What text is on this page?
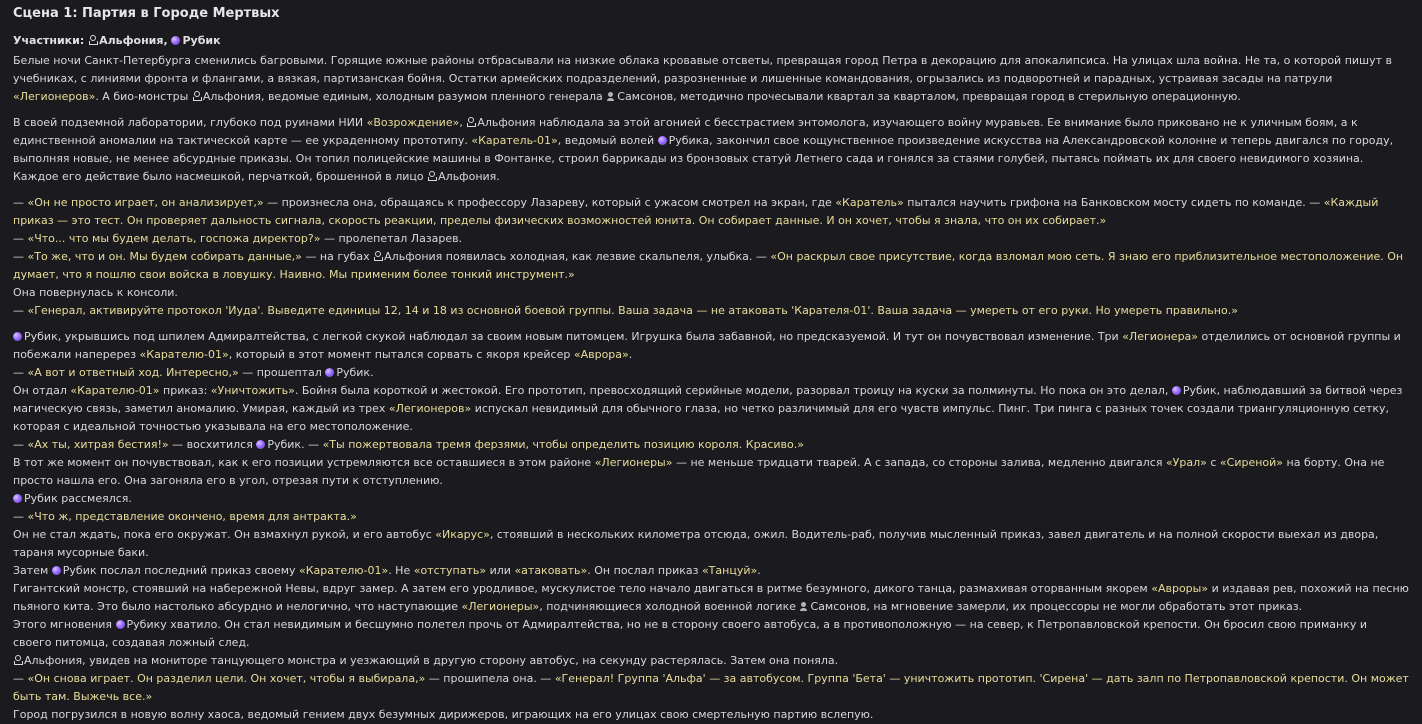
Сцена 1: Партия в Городе Мертвых
Участники: Альфония, Рубик

Белые ночи Санкт-Петербурга сменились багровыми. Горящие южные районы отбрасывали на низкие облака кровавые отсветы, превращая город Петра в декорацию для апокалипсиса. На улицах шла война. Не та, о которой пишут в учебниках, с линиями фронта и флангами, а вязкая, партизанская бойня. Остатки армейских подразделений, разрозненные и лишенные командования, огрызались из подворотней и парадных, устраивая засады на патрули «Легионеров». А био-монстры Альфония, ведомые единым, холодным разумом пленного генерала Самсонов, методично прочесывали квартал за кварталом, превращая город в стерильную операционную.

В своей подземной лаборатории, глубоко под руинами НИИ «Возрождение», Альфония наблюдала за этой агонией с бесстрастием энтомолога, изучающего войну муравьев. Ее внимание было приковано не к уличным боям, а к единственной аномалии на тактической карте — ее украденному прототипу. «Каратель-01», ведомый волей Рубика, закончил свое кощунственное произведение искусства на Александровской колонне и теперь двигался по городу, выполняя новые, не менее абсурдные приказы. Он топил полицейские машины в Фонтанке, строил баррикады из бронзовых статуй Летнего сада и гонялся за стаями голубей, пытаясь поймать их для своего невидимого хозяина. Каждое его действие было насмешкой, перчаткой, брошенной в лицо Альфония.

— «Он не просто играет, он анализирует,» — произнесла она, обращаясь к профессору Лазареву, который с ужасом смотрел на экран, где «Каратель» пытался научить грифона на Банковском мосту сидеть по команде. — «Каждый приказ — это тест. Он проверяет дальность сигнала, скорость реакции, пределы физических возможностей юнита. Он собирает данные. И он хочет, чтобы я знала, что он их собирает.»

— «Что... что мы будем делать, госпожа директор?» — пролепетал Лазарев.

— «То же, что и он. Мы будем собирать данные,» — на губах Альфония появилась холодная, как лезвие скальпеля, улыбка. — «Он раскрыл свое присутствие, когда взломал мою сеть. Я знаю его приблизительное местоположение. Он думает, что я пошлю свои войска в ловушку. Наивно. Мы применим более тонкий инструмент.»

Она повернулась к консоли.

— «Генерал, активируйте протокол 'Иуда'. Выведите единицы 12, 14 и 18 из основной боевой группы. Ваша задача — не атаковать 'Карателя-01'. Ваша задача — умереть от его руки. Но умереть правильно.»

Рубик, укрывшись под шпилем Адмиралтейства, с легкой скукой наблюдал за своим новым питомцем. Игрушка была забавной, но предсказуемой. И тут он почувствовал изменение. Три «Легионера» отделились от основной группы и побежали наперерез «Карателю-01», который в этот момент пытался сорвать с якоря крейсер «Аврора».

— «А вот и ответный ход. Интересно,» — прошептал Рубик.

Он отдал «Карателю-01» приказ: «Уничтожить». Бойня была короткой и жестокой. Его прототип, превосходящий серийные модели, разорвал троицу на куски за полминуты. Но пока он это делал, Рубик, наблюдавший за битвой через магическую связь, заметил аномалию. Умирая, каждый из трех «Легионеров» испускал невидимый для обычного глаза, но четко различимый для его чувств импульс. Пинг. Три пинга с разных точек создали триангуляционную сетку, которая с идеальной точностью указывала на его местоположение.

— «Ах ты, хитрая бестия!» — восхитился Рубик. — «Ты пожертвовала тремя ферзями, чтобы определить позицию короля. Красиво.»

В тот же момент он почувствовал, как к его позиции устремляются все оставшиеся в этом районе «Легионеры» — не меньше тридцати тварей. А с запада, со стороны залива, медленно двигался «Урал» с «Сиреной» на борту. Она не просто нашла его. Она загоняла его в угол, отрезая пути к отступлению.

Рубик рассмеялся.

— «Что ж, представление окончено, время для антракта.»

Он не стал ждать, пока его окружат. Он взмахнул рукой, и его автобус «Икарус», стоявший в нескольких километра отсюда, ожил. Водитель-раб, получив мысленный приказ, завел двигатель и на полной скорости выехал из двора, тараня мусорные баки.

Затем Рубик послал последний приказ своему «Карателю-01». Не «отступать» или «атаковать». Он послал приказ «Танцуй».

Гигантский монстр, стоявший на набережной Невы, вдруг замер. А затем его уродливое, мускулистое тело начало двигаться в ритме безумного, дикого танца, размахивая оторванным якорем «Авроры» и издавая рев, похожий на песню пьяного кита. Это было настолько абсурдно и нелогично, что наступающие «Легионеры», подчиняющиеся холодной военной логике Самсонов, на мгновение замерли, их процессоры не могли обработать этот приказ.

Этого мгновения Рубику хватило. Он стал невидимым и бесшумно полетел прочь от Адмиралтейства, но не в сторону своего автобуса, а в противоположную — на север, к Петропавловской крепости. Он бросил свою приманку и своего питомца, создавая ложный след.

Альфония, увидев на мониторе танцующего монстра и уезжающий в другую сторону автобус, на секунду растерялась. Затем она поняла.

— «Он снова играет. Он разделил цели. Он хочет, чтобы я выбирала,» — прошипела она. — «Генерал! Группа 'Альфа' — за автобусом. Группа 'Бета' — уничтожить прототип. 'Сирена' — дать залп по Петропавловской крепости. Он может быть там. Выжечь все.»

Город погрузился в новую волну хаоса, ведомый гением двух безумных дирижеров, играющих на его улицах свою смертельную партию вслепую.
